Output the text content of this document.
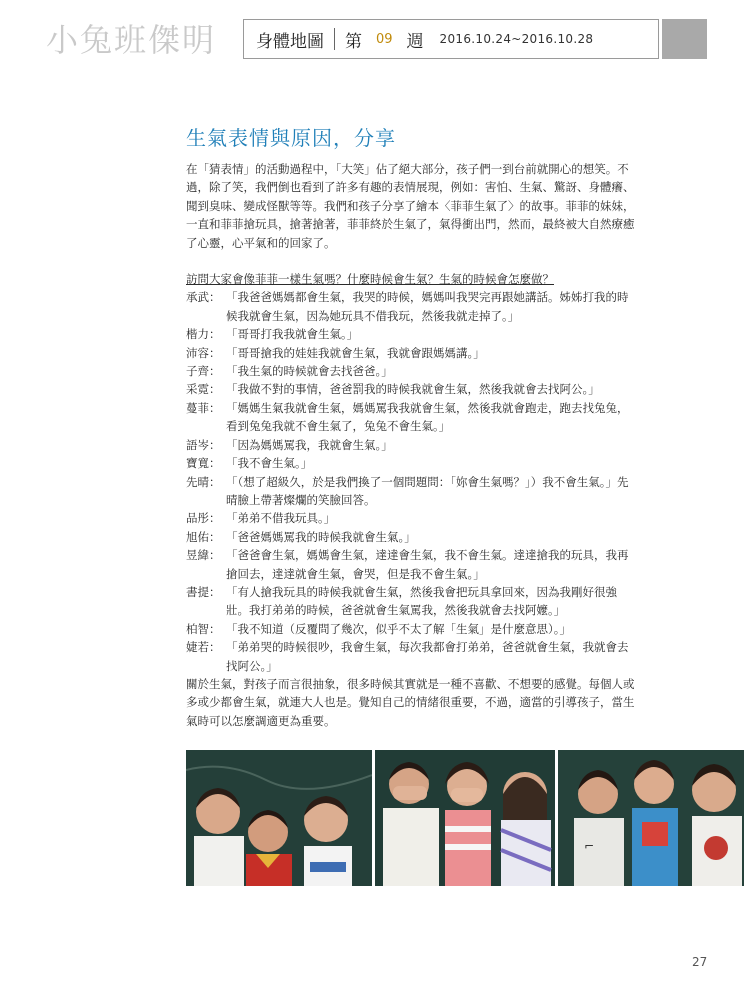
小兔班傑明	身體地圖	第	09 週	2016.10.24~2016.10.28
生氣表情與原因，分享

在「猜表情」的活動過程中，「大笑」佔了絕大部分，孩子們一到台前就開心的想笑。不過，除了笑，我們倒也看到了許多有趣的表情展現，例如：害怕、生氣、驚訝、身體癢、聞到臭味、變成怪獸等等。我們和孩子分享了繪本〈菲菲生氣了〉的故事。菲菲的妹妹，一直和菲菲搶玩具，搶著搶著，菲菲終於生氣了，氣得衝出門，然而，最終被大自然療癒了心靈，心平氣和的回家了。

訪問大家會像菲菲一樣生氣嗎？什麼時候會生氣？生氣的時候會怎麼做？

承武： 「我爸爸媽媽都會生氣，我哭的時候，媽媽叫我哭完再跟她講話。姊姊打我的時候我就會生氣，因為她玩具不借我玩，然後我就走掉了。」
楷力： 「哥哥打我我就會生氣。」
沛容： 「哥哥搶我的娃娃我就會生氣，我就會跟媽媽講。」
子齊： 「我生氣的時候就會去找爸爸。」
采霓： 「我做不對的事情，爸爸罰我的時候我就會生氣，然後我就會去找阿公。」
蔓菲： 「媽媽生氣我就會生氣，媽媽罵我我就會生氣，然後我就會跑走，跑去找兔兔，看到兔兔我就不會生氣了，兔兔不會生氣。」
語岑： 「因為媽媽罵我，我就會生氣。」
寶寬： 「我不會生氣。」
先晴： 「（想了超級久，於是我們換了一個問題問：「妳會生氣嗎？」）我不會生氣。」先晴臉上帶著燦爛的笑臉回答。
品彤： 「弟弟不借我玩具。」
旭佑： 「爸爸媽媽罵我的時候我就會生氣。」
昱緯： 「爸爸會生氣，媽媽會生氣，達達會生氣，我不會生氣。達達搶我的玩具，我再搶回去，達達就會生氣，會哭，但是我不會生氣。」
書提： 「有人搶我玩具的時候我就會生氣，然後我會把玩具拿回來，因為我剛好很強壯。我打弟弟的時候，爸爸就會生氣罵我，然後我就會去找阿嬤。」
柏智： 「我不知道（反覆問了幾次，似乎不太了解「生氣」是什麼意思）。」
婕若： 「弟弟哭的時候很吵，我會生氣，每次我都會打弟弟，爸爸就會生氣，我就會去找阿公。」

關於生氣，對孩子而言很抽象，很多時候其實就是一種不喜歡、不想要的感覺。每個人或多或少都會生氣，就連大人也是。覺知自己的情緒很重要，不過，適當的引導孩子，當生氣時可以怎麼調適更為重要。

⌐
27
